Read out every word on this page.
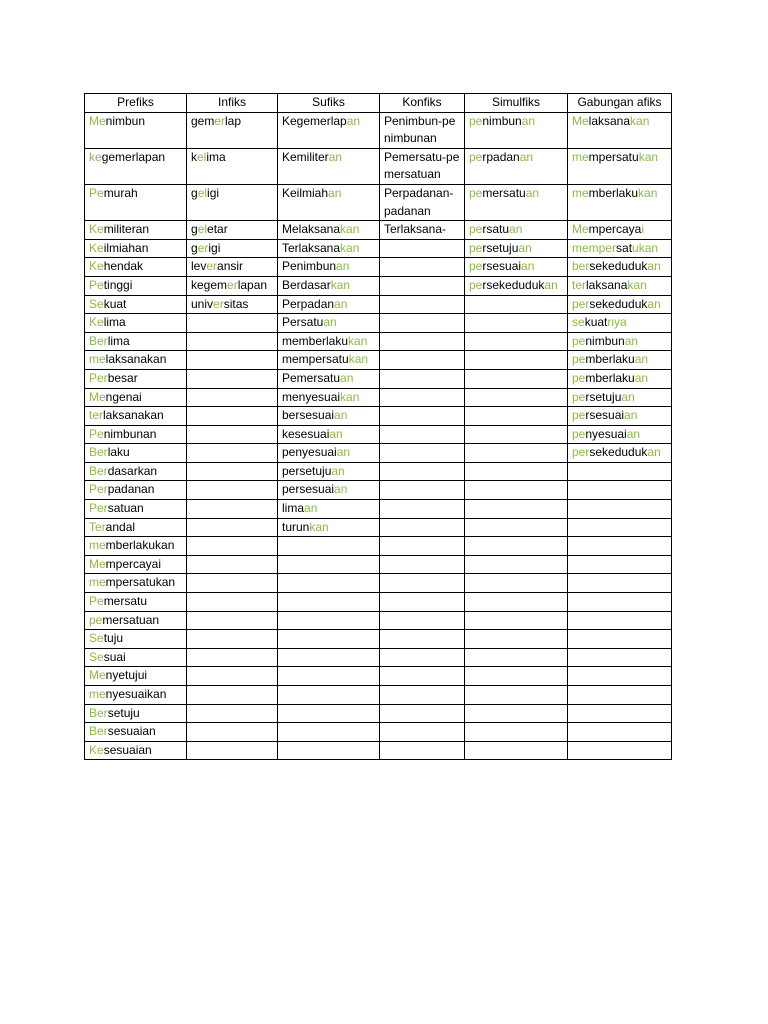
Prefiks	Infiks	Sufiks	Konfiks	Simulfiks	Gabungan afiks
Menimbun	gemerlap	Kegemerlapan	Penimbun-penimbunan	penimbunan	Melaksanakan
kegemerlapan	kelima	Kemiliteran	Pemersatu-pemersatuan	perpadanan	mempersatukan
Pemurah	geligi	Keilmiahan	Perpadanan-padanan	pemersatuan	memberlakukan
Kemiliteran	geletar	Melaksanakan	Terlaksana-	persatuan	Mempercayai
Keilmiahan	gerigi	Terlaksanakan		persetujuan	mempersatukan
Kehendak	leveransir	Penimbunan		persesuaian	bersekedudukan
Petinggi	kegemerlapan	Berdasarkan		persekedudukan	terlaksanakan
Sekuat	universitas	Perpadanan			persekedudukan
Kelima		Persatuan			sekuatnya
Berlima		memberlakukan			penimbunan
melaksanakan		mempersatukan			pemberlakuan
Perbesar		Pemersatuan			pemberlakuan
Mengenai		menyesuaikan			persetujuan
terlaksanakan		bersesuaian			persesuaian
Penimbunan		kesesuaian			penyesuaian
Berlaku		penyesuaian			persekedudukan
Berdasarkan		persetujuan			
Perpadanan		persesuaian			
Persatuan		limaan			
Terandal		turunkan			
memberlakukan					
Mempercayai					
mempersatukan					
Pemersatu					
pemersatuan					
Setuju					
Sesuai					
Menyetujui					
menyesuaikan					
Bersetuju					
Bersesuaian					
Kesesuaian					
